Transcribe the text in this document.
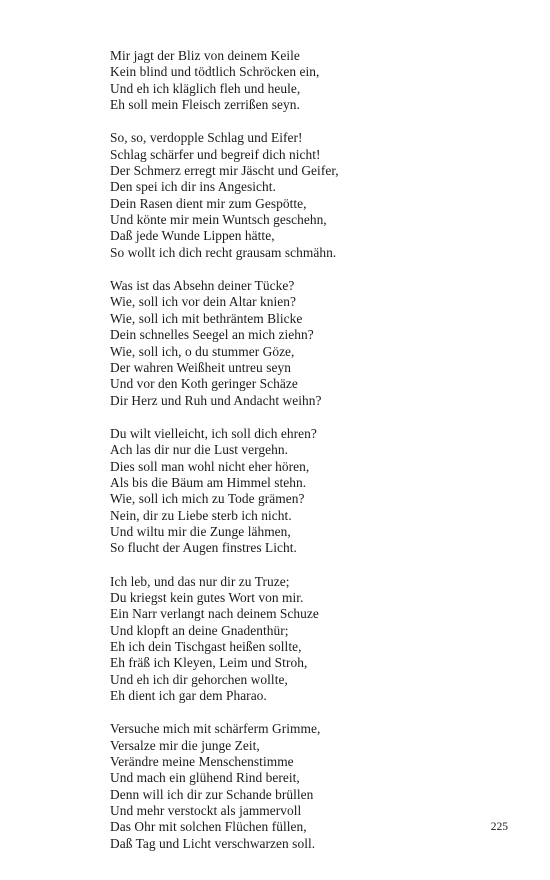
Mir jagt der Bliz von deinem Keile
Kein blind und tödtlich Schröcken ein,
Und eh ich kläglich fleh und heule,
Eh soll mein Fleisch zerrißen seyn.
So, so, verdopple Schlag und Eifer!
Schlag schärfer und begreif dich nicht!
Der Schmerz erregt mir Jäscht und Geifer,
Den spei ich dir ins Angesicht.
Dein Rasen dient mir zum Gespötte,
Und könte mir mein Wuntsch geschehn,
Daß jede Wunde Lippen hätte,
So wollt ich dich recht grausam schmähn.
Was ist das Absehn deiner Tücke?
Wie, soll ich vor dein Altar knien?
Wie, soll ich mit bethräntem Blicke
Dein schnelles Seegel an mich ziehn?
Wie, soll ich, o du stummer Göze,
Der wahren Weißheit untreu seyn
Und vor den Koth geringer Schäze
Dir Herz und Ruh und Andacht weihn?
Du wilt vielleicht, ich soll dich ehren?
Ach las dir nur die Lust vergehn.
Dies soll man wohl nicht eher hören,
Als bis die Bäum am Himmel stehn.
Wie, soll ich mich zu Tode grämen?
Nein, dir zu Liebe sterb ich nicht.
Und wiltu mir die Zunge lähmen,
So flucht der Augen finstres Licht.
Ich leb, und das nur dir zu Truze;
Du kriegst kein gutes Wort von mir.
Ein Narr verlangt nach deinem Schuze
Und klopft an deine Gnadenthür;
Eh ich dein Tischgast heißen sollte,
Eh fräß ich Kleyen, Leim und Stroh,
Und eh ich dir gehorchen wollte,
Eh dient ich gar dem Pharao.
Versuche mich mit schärferm Grimme,
Versalze mir die junge Zeit,
Verändre meine Menschenstimme
Und mach ein glühend Rind bereit,
Denn will ich dir zur Schande brüllen
Und mehr verstockt als jammervoll
Das Ohr mit solchen Flüchen füllen,
Daß Tag und Licht verschwarzen soll.
225
